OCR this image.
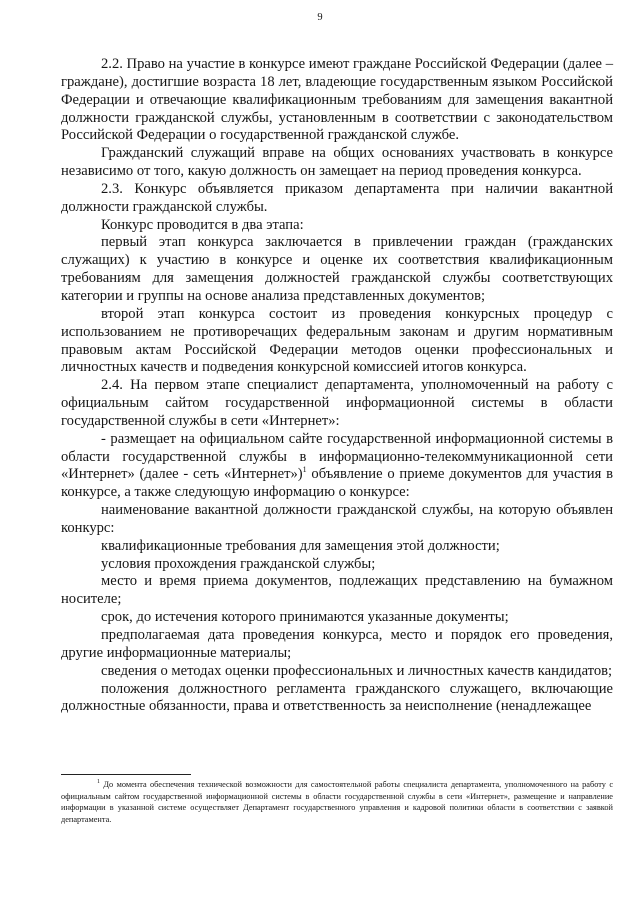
9

2.2. Право на участие в конкурсе имеют граждане Российской Федерации (далее – граждане), достигшие возраста 18 лет, владеющие государственным языком Российской Федерации и отвечающие квалификационным требованиям для замещения вакантной должности гражданской службы, установленным в соответствии с законодательством Российской Федерации о государственной гражданской службе.

Гражданский служащий вправе на общих основаниях участвовать в конкурсе независимо от того, какую должность он замещает на период проведения конкурса.

2.3. Конкурс объявляется приказом департамента при наличии вакантной должности гражданской службы.

Конкурс проводится в два этапа:

первый этап конкурса заключается в привлечении граждан (гражданских служащих) к участию в конкурсе и оценке их соответствия квалификационным требованиям для замещения должностей гражданской службы соответствующих категории и группы на основе анализа представленных документов;

второй этап конкурса состоит из проведения конкурсных процедур с использованием не противоречащих федеральным законам и другим нормативным правовым актам Российской Федерации методов оценки профессиональных и личностных качеств и подведения конкурсной комиссией итогов конкурса.

2.4. На первом этапе специалист департамента, уполномоченный на работу с официальным сайтом государственной информационной системы в области государственной службы в сети «Интернет»:

- размещает на официальном сайте государственной информационной системы в области государственной службы в информационно-телекоммуникационной сети «Интернет» (далее - сеть «Интернет»)$^1$ объявление о приеме документов для участия в конкурсе, а также следующую информацию о конкурсе:

наименование вакантной должности гражданской службы, на которую объявлен конкурс:

квалификационные требования для замещения этой должности;

условия прохождения гражданской службы;

место и время приема документов, подлежащих представлению на бумажном носителе;

срок, до истечения которого принимаются указанные документы;

предполагаемая дата проведения конкурса, место и порядок его проведения, другие информационные материалы;

сведения о методах оценки профессиональных и личностных качеств кандидатов;

положения должностного регламента гражданского служащего, включающие должностные обязанности, права и ответственность за неисполнение (ненадлежащее

$^1$ До момента обеспечения технической возможности для самостоятельной работы специалиста департамента, уполномоченного на работу с официальным сайтом государственной информационной системы в области государственной службы в сети «Интернет», размещение и направление информации в указанной системе осуществляет Департамент государственного управления и кадровой политики области в соответствии с заявкой департамента.
